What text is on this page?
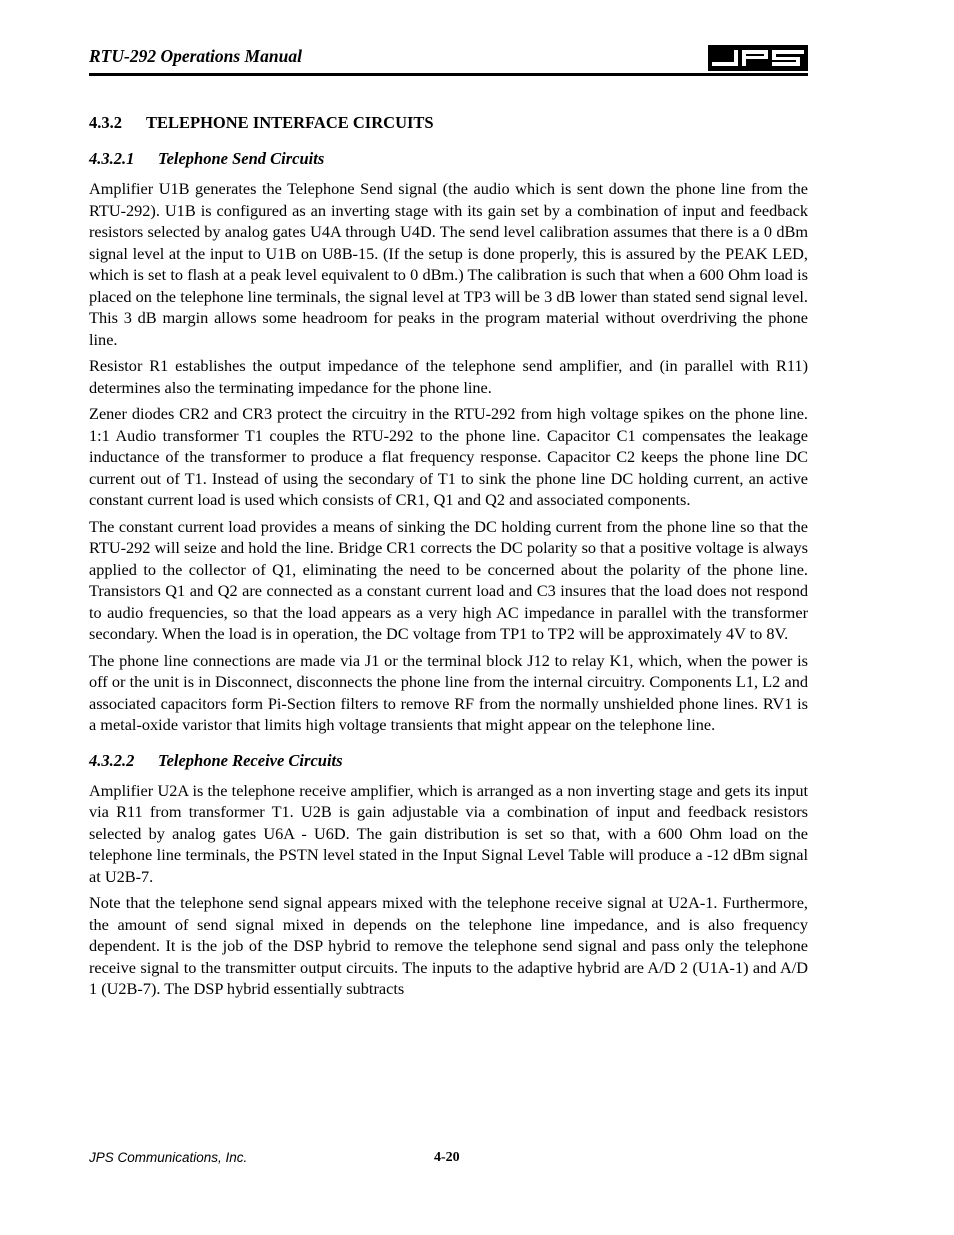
RTU-292 Operations Manual
4.3.2 TELEPHONE INTERFACE CIRCUITS
4.3.2.1 Telephone Send Circuits

Amplifier U1B generates the Telephone Send signal (the audio which is sent down the phone line from the RTU-292). U1B is configured as an inverting stage with its gain set by a combination of input and feedback resistors selected by analog gates U4A through U4D. The send level calibration assumes that there is a 0 dBm signal level at the input to U1B on U8B-15. (If the setup is done properly, this is assured by the PEAK LED, which is set to flash at a peak level equivalent to 0 dBm.) The calibration is such that when a 600 Ohm load is placed on the telephone line terminals, the signal level at TP3 will be 3 dB lower than stated send signal level. This 3 dB margin allows some headroom for peaks in the program material without overdriving the phone line.

Resistor R1 establishes the output impedance of the telephone send amplifier, and (in parallel with R11) determines also the terminating impedance for the phone line.

Zener diodes CR2 and CR3 protect the circuitry in the RTU-292 from high voltage spikes on the phone line. 1:1 Audio transformer T1 couples the RTU-292 to the phone line. Capacitor C1 compensates the leakage inductance of the transformer to produce a flat frequency response. Capacitor C2 keeps the phone line DC current out of T1. Instead of using the secondary of T1 to sink the phone line DC holding current, an active constant current load is used which consists of CR1, Q1 and Q2 and associated components.

The constant current load provides a means of sinking the DC holding current from the phone line so that the RTU-292 will seize and hold the line. Bridge CR1 corrects the DC polarity so that a positive voltage is always applied to the collector of Q1, eliminating the need to be concerned about the polarity of the phone line. Transistors Q1 and Q2 are connected as a constant current load and C3 insures that the load does not respond to audio frequencies, so that the load appears as a very high AC impedance in parallel with the transformer secondary. When the load is in operation, the DC voltage from TP1 to TP2 will be approximately 4V to 8V.

The phone line connections are made via J1 or the terminal block J12 to relay K1, which, when the power is off or the unit is in Disconnect, disconnects the phone line from the internal circuitry. Components L1, L2 and associated capacitors form Pi-Section filters to remove RF from the normally unshielded phone lines. RV1 is a metal-oxide varistor that limits high voltage transients that might appear on the telephone line.

4.3.2.2 Telephone Receive Circuits

Amplifier U2A is the telephone receive amplifier, which is arranged as a non inverting stage and gets its input via R11 from transformer T1. U2B is gain adjustable via a combination of input and feedback resistors selected by analog gates U6A - U6D. The gain distribution is set so that, with a 600 Ohm load on the telephone line terminals, the PSTN level stated in the Input Signal Level Table will produce a -12 dBm signal at U2B-7.

Note that the telephone send signal appears mixed with the telephone receive signal at U2A-1. Furthermore, the amount of send signal mixed in depends on the telephone line impedance, and is also frequency dependent. It is the job of the DSP hybrid to remove the telephone send signal and pass only the telephone receive signal to the transmitter output circuits. The inputs to the adaptive hybrid are A/D 2 (U1A-1) and A/D 1 (U2B-7). The DSP hybrid essentially subtracts

JPS Communications, Inc.	4-20
